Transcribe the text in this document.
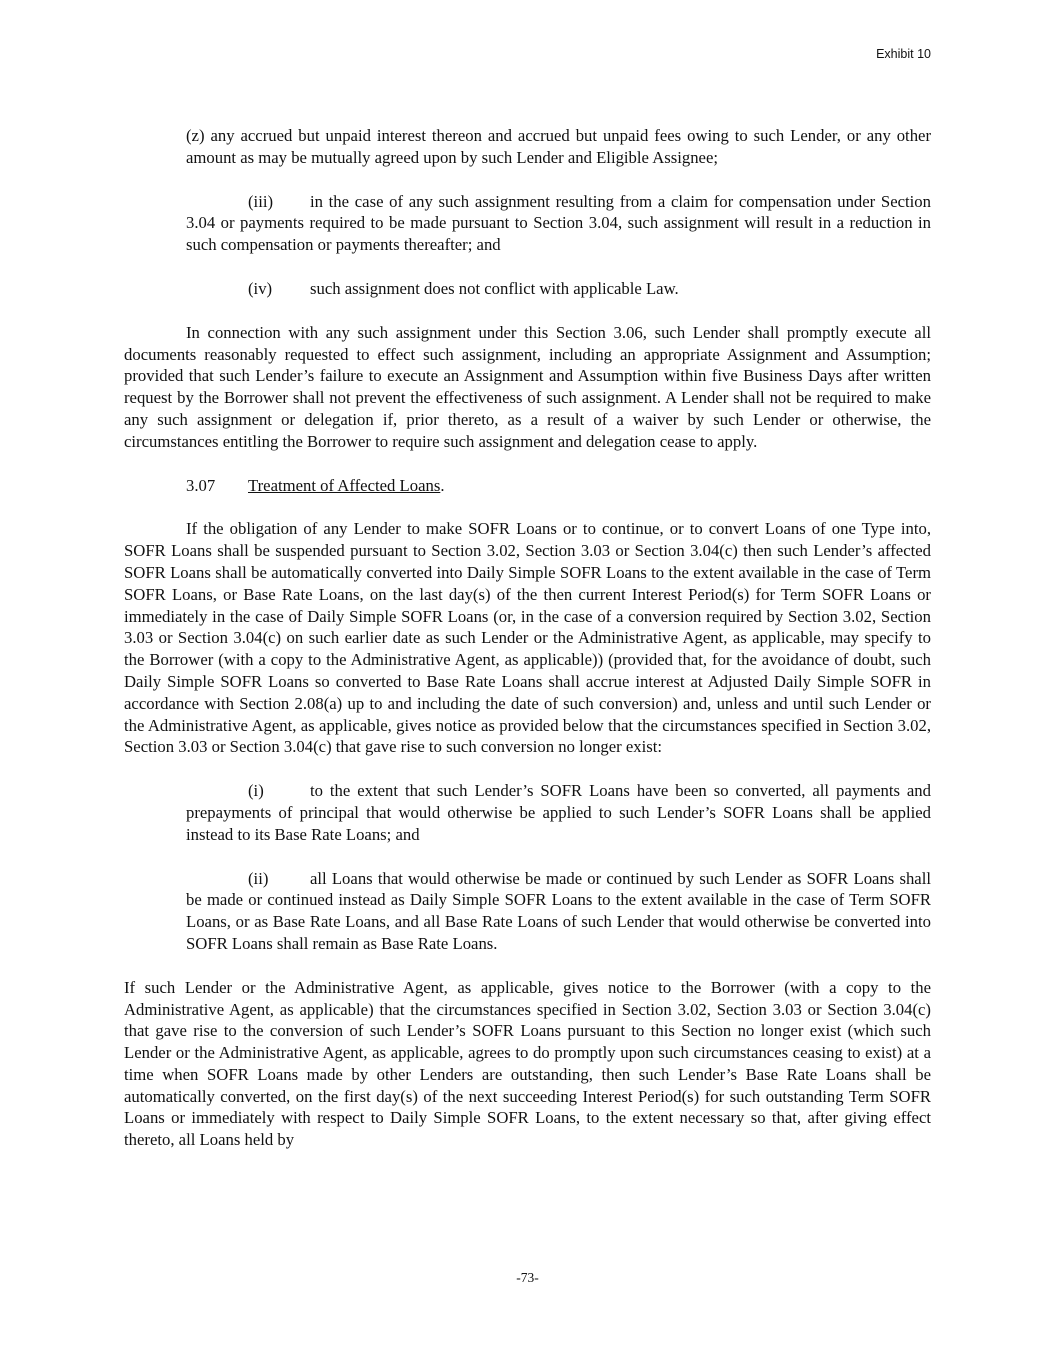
Exhibit 10

(z) any accrued but unpaid interest thereon and accrued but unpaid fees owing to such Lender, or any other amount as may be mutually agreed upon by such Lender and Eligible Assignee;

(iii) in the case of any such assignment resulting from a claim for compensation under Section 3.04 or payments required to be made pursuant to Section 3.04, such assignment will result in a reduction in such compensation or payments thereafter; and

(iv) such assignment does not conflict with applicable Law.

In connection with any such assignment under this Section 3.06, such Lender shall promptly execute all documents reasonably requested to effect such assignment, including an appropriate Assignment and Assumption; provided that such Lender’s failure to execute an Assignment and Assumption within five Business Days after written request by the Borrower shall not prevent the effectiveness of such assignment. A Lender shall not be required to make any such assignment or delegation if, prior thereto, as a result of a waiver by such Lender or otherwise, the circumstances entitling the Borrower to require such assignment and delegation cease to apply.

3.07 Treatment of Affected Loans.

If the obligation of any Lender to make SOFR Loans or to continue, or to convert Loans of one Type into, SOFR Loans shall be suspended pursuant to Section 3.02, Section 3.03 or Section 3.04(c) then such Lender’s affected SOFR Loans shall be automatically converted into Daily Simple SOFR Loans to the extent available in the case of Term SOFR Loans, or Base Rate Loans, on the last day(s) of the then current Interest Period(s) for Term SOFR Loans or immediately in the case of Daily Simple SOFR Loans (or, in the case of a conversion required by Section 3.02, Section 3.03 or Section 3.04(c) on such earlier date as such Lender or the Administrative Agent, as applicable, may specify to the Borrower (with a copy to the Administrative Agent, as applicable)) (provided that, for the avoidance of doubt, such Daily Simple SOFR Loans so converted to Base Rate Loans shall accrue interest at Adjusted Daily Simple SOFR in accordance with Section 2.08(a) up to and including the date of such conversion) and, unless and until such Lender or the Administrative Agent, as applicable, gives notice as provided below that the circumstances specified in Section 3.02, Section 3.03 or Section 3.04(c) that gave rise to such conversion no longer exist:

(i)	to the extent that such Lender’s SOFR Loans have been so converted, all payments and prepayments of principal that would otherwise be applied to such Lender’s SOFR Loans shall be applied instead to its Base Rate Loans; and

(ii) all Loans that would otherwise be made or continued by such Lender as SOFR Loans shall be made or continued instead as Daily Simple SOFR Loans to the extent available in the case of Term SOFR Loans, or as Base Rate Loans, and all Base Rate Loans of such Lender that would otherwise be converted into SOFR Loans shall remain as Base Rate Loans.

If such Lender or the Administrative Agent, as applicable, gives notice to the Borrower (with a copy to the Administrative Agent, as applicable) that the circumstances specified in Section 3.02, Section 3.03 or Section 3.04(c) that gave rise to the conversion of such Lender’s SOFR Loans pursuant to this Section no longer exist (which such Lender or the Administrative Agent, as applicable, agrees to do promptly upon such circumstances ceasing to exist) at a time when SOFR Loans made by other Lenders are outstanding, then such Lender’s Base Rate Loans shall be automatically converted, on the first day(s) of the next succeeding Interest Period(s) for such outstanding Term SOFR Loans or immediately with respect to Daily Simple SOFR Loans, to the extent necessary so that, after giving effect thereto, all Loans held by

-73-
